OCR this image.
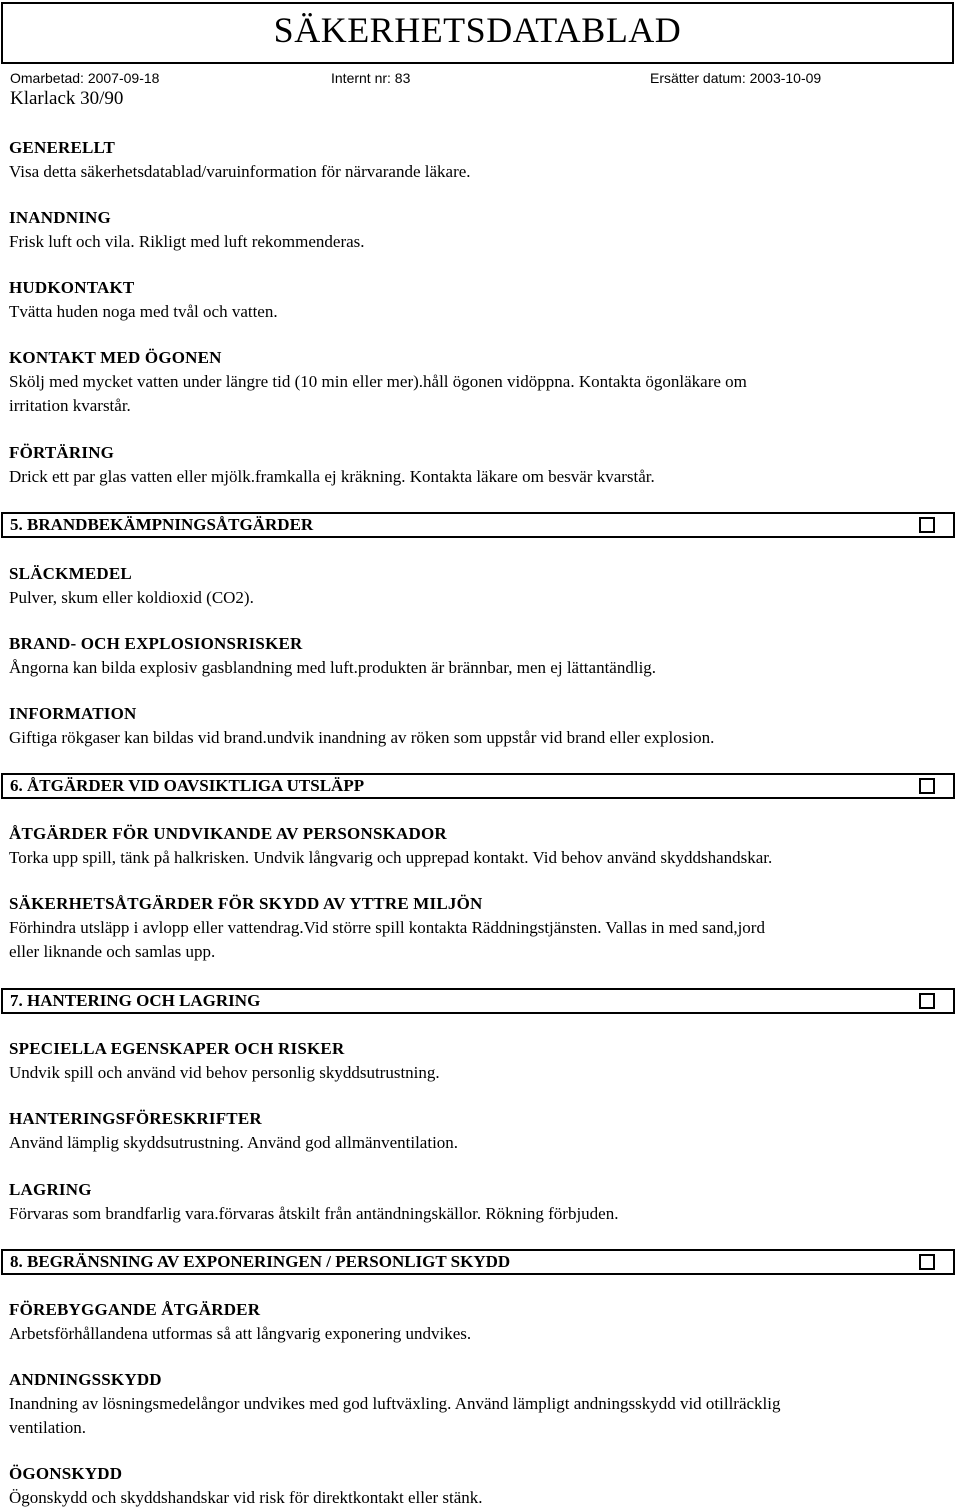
SÄKERHETSDATABLAD
Omarbetad: 2007-09-18	Internt nr: 83	Ersätter datum: 2003-10-09
Klarlack 30/90
GENERELLT
Visa detta säkerhetsdatablad/varuinformation för närvarande läkare.
INANDNING
Frisk luft och vila. Rikligt med luft rekommenderas.
HUDKONTAKT
Tvätta huden noga med tvål och vatten.
KONTAKT MED ÖGONEN
Skölj med mycket vatten under längre tid (10 min eller mer).håll ögonen vidöppna. Kontakta ögonläkare om
irritation kvarstår.
FÖRTÄRING
Drick ett par glas vatten eller mjölk.framkalla ej kräkning. Kontakta läkare om besvär kvarstår.
5. BRANDBEKÄMPNINGSÅTGÄRDER
SLÄCKMEDEL
Pulver, skum eller koldioxid (CO2).
BRAND- OCH EXPLOSIONSRISKER
Ångorna kan bilda explosiv gasblandning med luft.produkten är brännbar, men ej lättantändlig.
INFORMATION
Giftiga rökgaser kan bildas vid brand.undvik inandning av röken som uppstår vid brand eller explosion.
6. ÅTGÄRDER VID OAVSIKTLIGA UTSLÄPP
ÅTGÄRDER FÖR UNDVIKANDE AV PERSONSKADOR
Torka upp spill, tänk på halkrisken. Undvik långvarig och upprepad kontakt. Vid behov använd skyddshandskar.
SÄKERHETSÅTGÄRDER FÖR SKYDD AV YTTRE MILJÖN
Förhindra utsläpp i avlopp eller vattendrag.Vid större spill kontakta Räddningstjänsten. Vallas in med sand,jord
eller liknande och samlas upp.
7. HANTERING OCH LAGRING
SPECIELLA EGENSKAPER OCH RISKER
Undvik spill och använd vid behov personlig skyddsutrustning.
HANTERINGSFÖRESKRIFTER
Använd lämplig skyddsutrustning. Använd god allmänventilation.
LAGRING
Förvaras som brandfarlig vara.förvaras åtskilt från antändningskällor. Rökning förbjuden.
8. BEGRÄNSNING AV EXPONERINGEN / PERSONLIGT SKYDD
FÖREBYGGANDE ÅTGÄRDER
Arbetsförhållandena utformas så att långvarig exponering undvikes.
ANDNINGSSKYDD
Inandning av lösningsmedelångor undvikes med god luftväxling. Använd lämpligt andningsskydd vid otillräcklig
ventilation.
ÖGONSKYDD
Ögonskydd och skyddshandskar vid risk för direktkontakt eller stänk.
